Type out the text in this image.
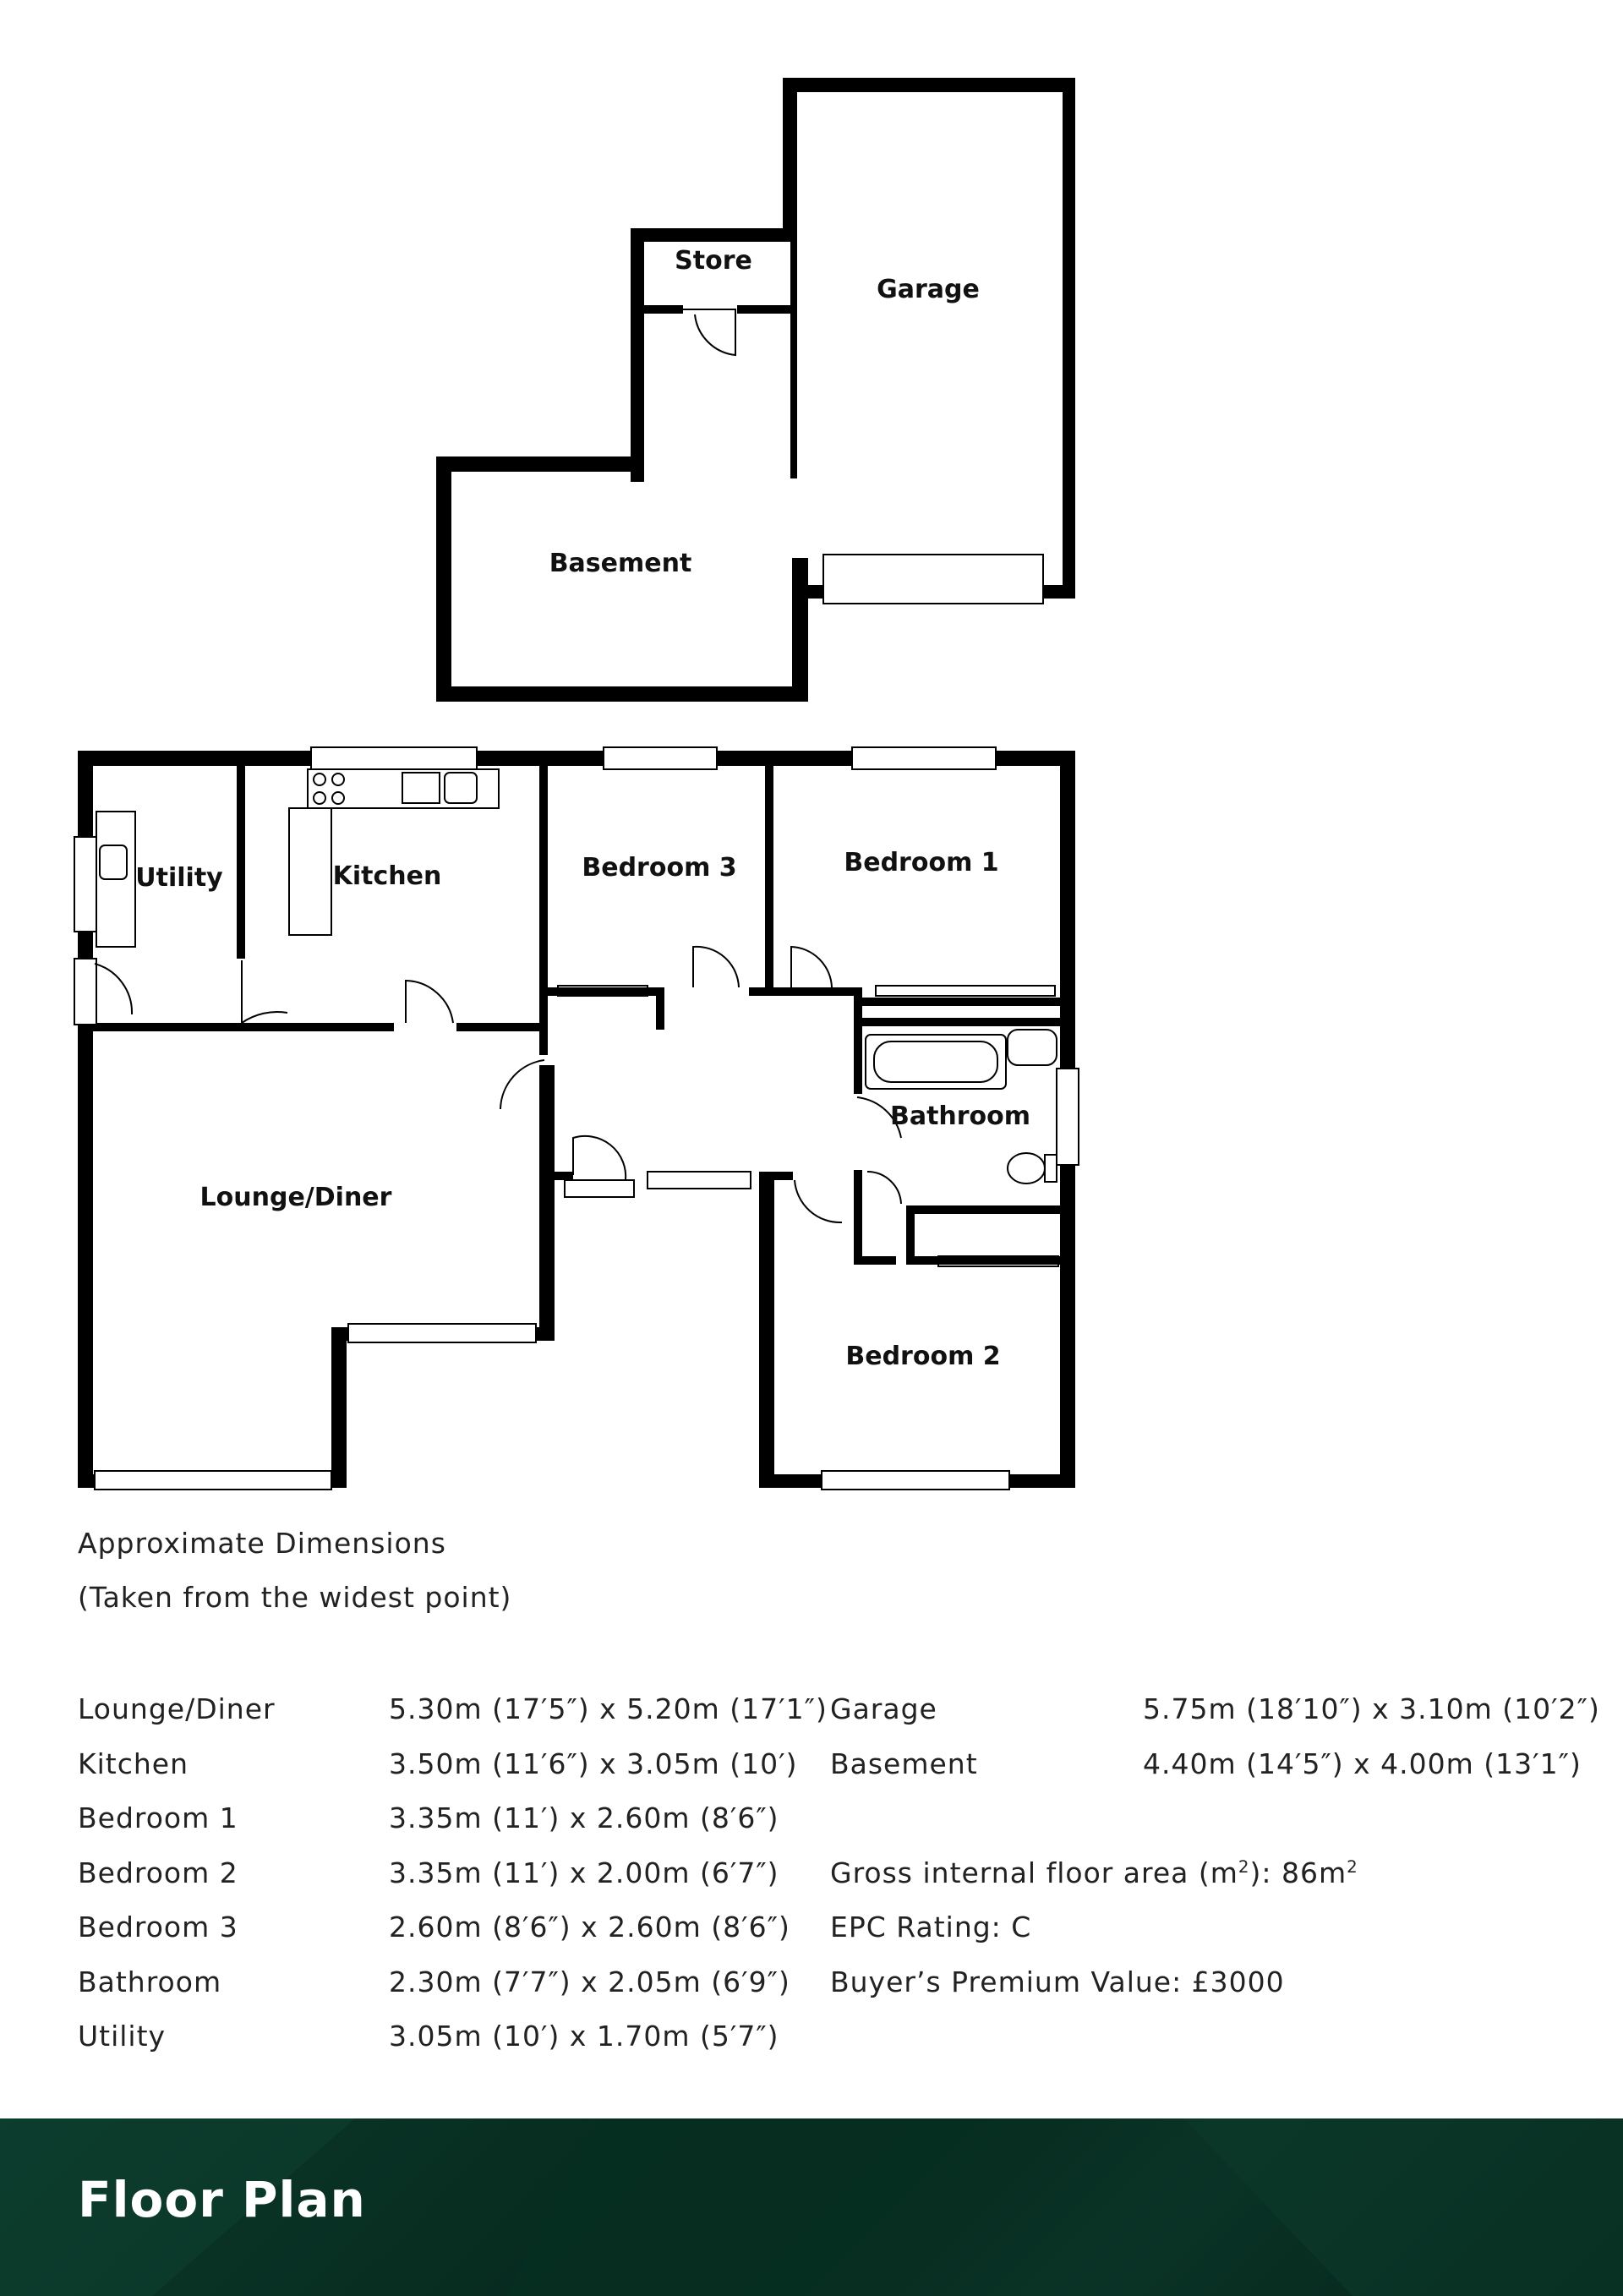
Store
Garage
Basement
Utility	Kitchen	Bedroom 3	Bedroom 1
Bathroom
Lounge/Diner
Bedroom 2
Approximate Dimensions
(Taken from the widest point)
Lounge/Diner	5.30m (17′5″) x 5.20m (17′1″)
Kitchen	3.50m (11′6″) x 3.05m (10′)
Bedroom 1	3.35m (11′) x 2.60m (8′6″)
Bedroom 2	3.35m (11′) x 2.00m (6′7″)
Bedroom 3	2.60m (8′6″) x 2.60m (8′6″)
Bathroom	2.30m (7′7″) x 2.05m (6′9″)
Utility	3.05m (10′) x 1.70m (5′7″)
Garage	5.75m (18′10″) x 3.10m (10′2″)
Basement	4.40m (14′5″) x 4.00m (13′1″)
Gross internal floor area $(m^2)$: $86m^2$
EPC Rating: C
Buyer’s Premium Value: £3000
Floor Plan
